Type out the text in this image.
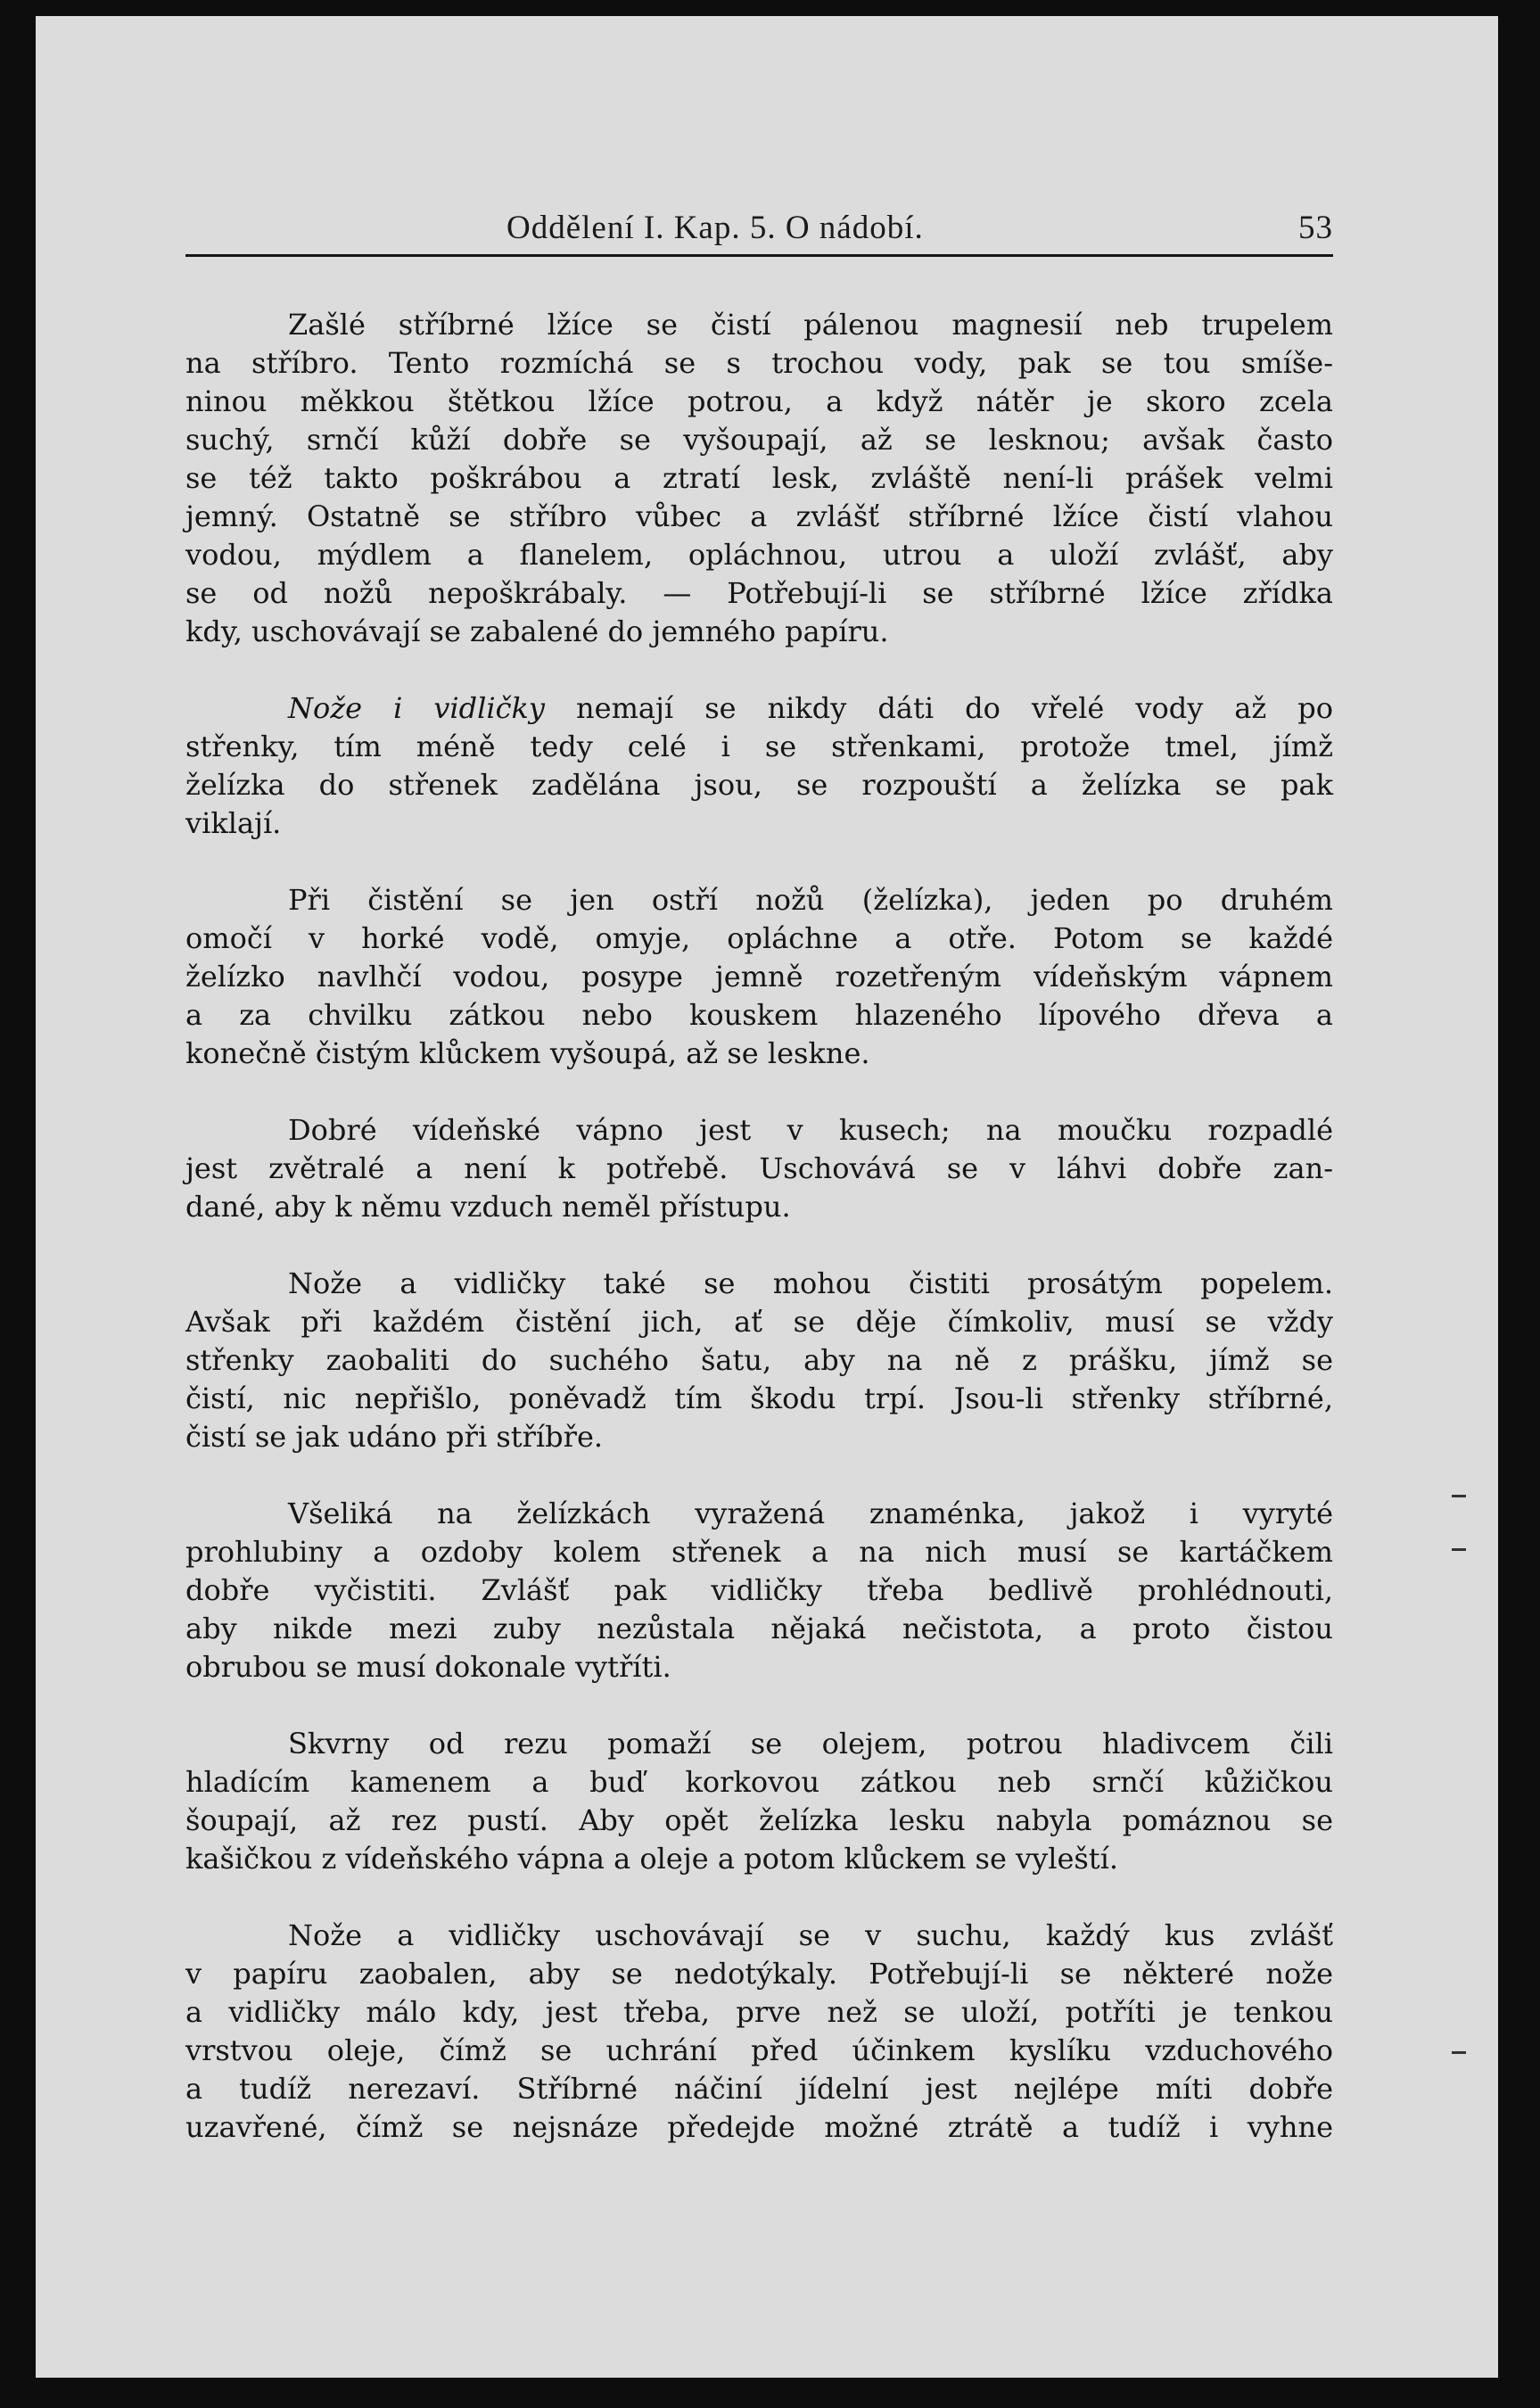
Oddělení I. Kap. 5. O nádobí.	53
Zašlé stříbrné lžíce se čistí pálenou magnesií neb trupelem
na stříbro. Tento rozmíchá se s trochou vody, pak se tou smíše-
ninou měkkou štětkou lžíce potrou, a když nátěr je skoro zcela
suchý, srnčí kůží dobře se vyšoupají, až se lesknou; avšak často
se též takto poškrábou a ztratí lesk, zvláště není-li prášek velmi
jemný. Ostatně se stříbro vůbec a zvlášť stříbrné lžíce čistí vlahou
vodou, mýdlem a flanelem, opláchnou, utrou a uloží zvlášť, aby
se od nožů nepoškrábaly. — Potřebují-li se stříbrné lžíce zřídka
kdy, uschovávají se zabalené do jemného papíru.
Nože i vidličky nemají se nikdy dáti do vřelé vody až po
střenky, tím méně tedy celé i se střenkami, protože tmel, jímž
želízka do střenek zadělána jsou, se rozpouští a želízka se pak
viklají.
Při čistění se jen ostří nožů (želízka), jeden po druhém
omočí v horké vodě, omyje, opláchne a otře. Potom se každé
želízko navlhčí vodou, posype jemně rozetřeným vídeňským vápnem
a za chvilku zátkou nebo kouskem hlazeného lípového dřeva a
konečně čistým klůckem vyšoupá, až se leskne.
Dobré vídeňské vápno jest v kusech; na moučku rozpadlé
jest zvětralé a není k potřebě. Uschovává se v láhvi dobře zan-
dané, aby k němu vzduch neměl přístupu.
Nože a vidličky také se mohou čistiti prosátým popelem.
Avšak při každém čistění jich, ať se děje čímkoliv, musí se vždy
střenky zaobaliti do suchého šatu, aby na ně z prášku, jímž se
čistí, nic nepřišlo, poněvadž tím škodu trpí. Jsou-li střenky stříbrné,
čistí se jak udáno při stříbře.
Všeliká na želízkách vyražená znaménka, jakož i vyryté
prohlubiny a ozdoby kolem střenek a na nich musí se kartáčkem
dobře vyčistiti. Zvlášť pak vidličky třeba bedlivě prohlédnouti,
aby nikde mezi zuby nezůstala nějaká nečistota, a proto čistou
obrubou se musí dokonale vytříti.
Skvrny od rezu pomaží se olejem, potrou hladivcem čili
hladícím kamenem a buď korkovou zátkou neb srnčí kůžičkou
šoupají, až rez pustí. Aby opět želízka lesku nabyla pomáznou se
kašičkou z vídeňského vápna a oleje a potom klůckem se vyleští.
Nože a vidličky uschovávají se v suchu, každý kus zvlášť
v papíru zaobalen, aby se nedotýkaly. Potřebují-li se některé nože
a vidličky málo kdy, jest třeba, prve než se uloží, potříti je tenkou
vrstvou oleje, čímž se uchrání před účinkem kyslíku vzduchového
a tudíž nerezaví. Stříbrné náčiní jídelní jest nejlépe míti dobře
uzavřené, čímž se nejsnáze předejde možné ztrátě a tudíž i vyhne
